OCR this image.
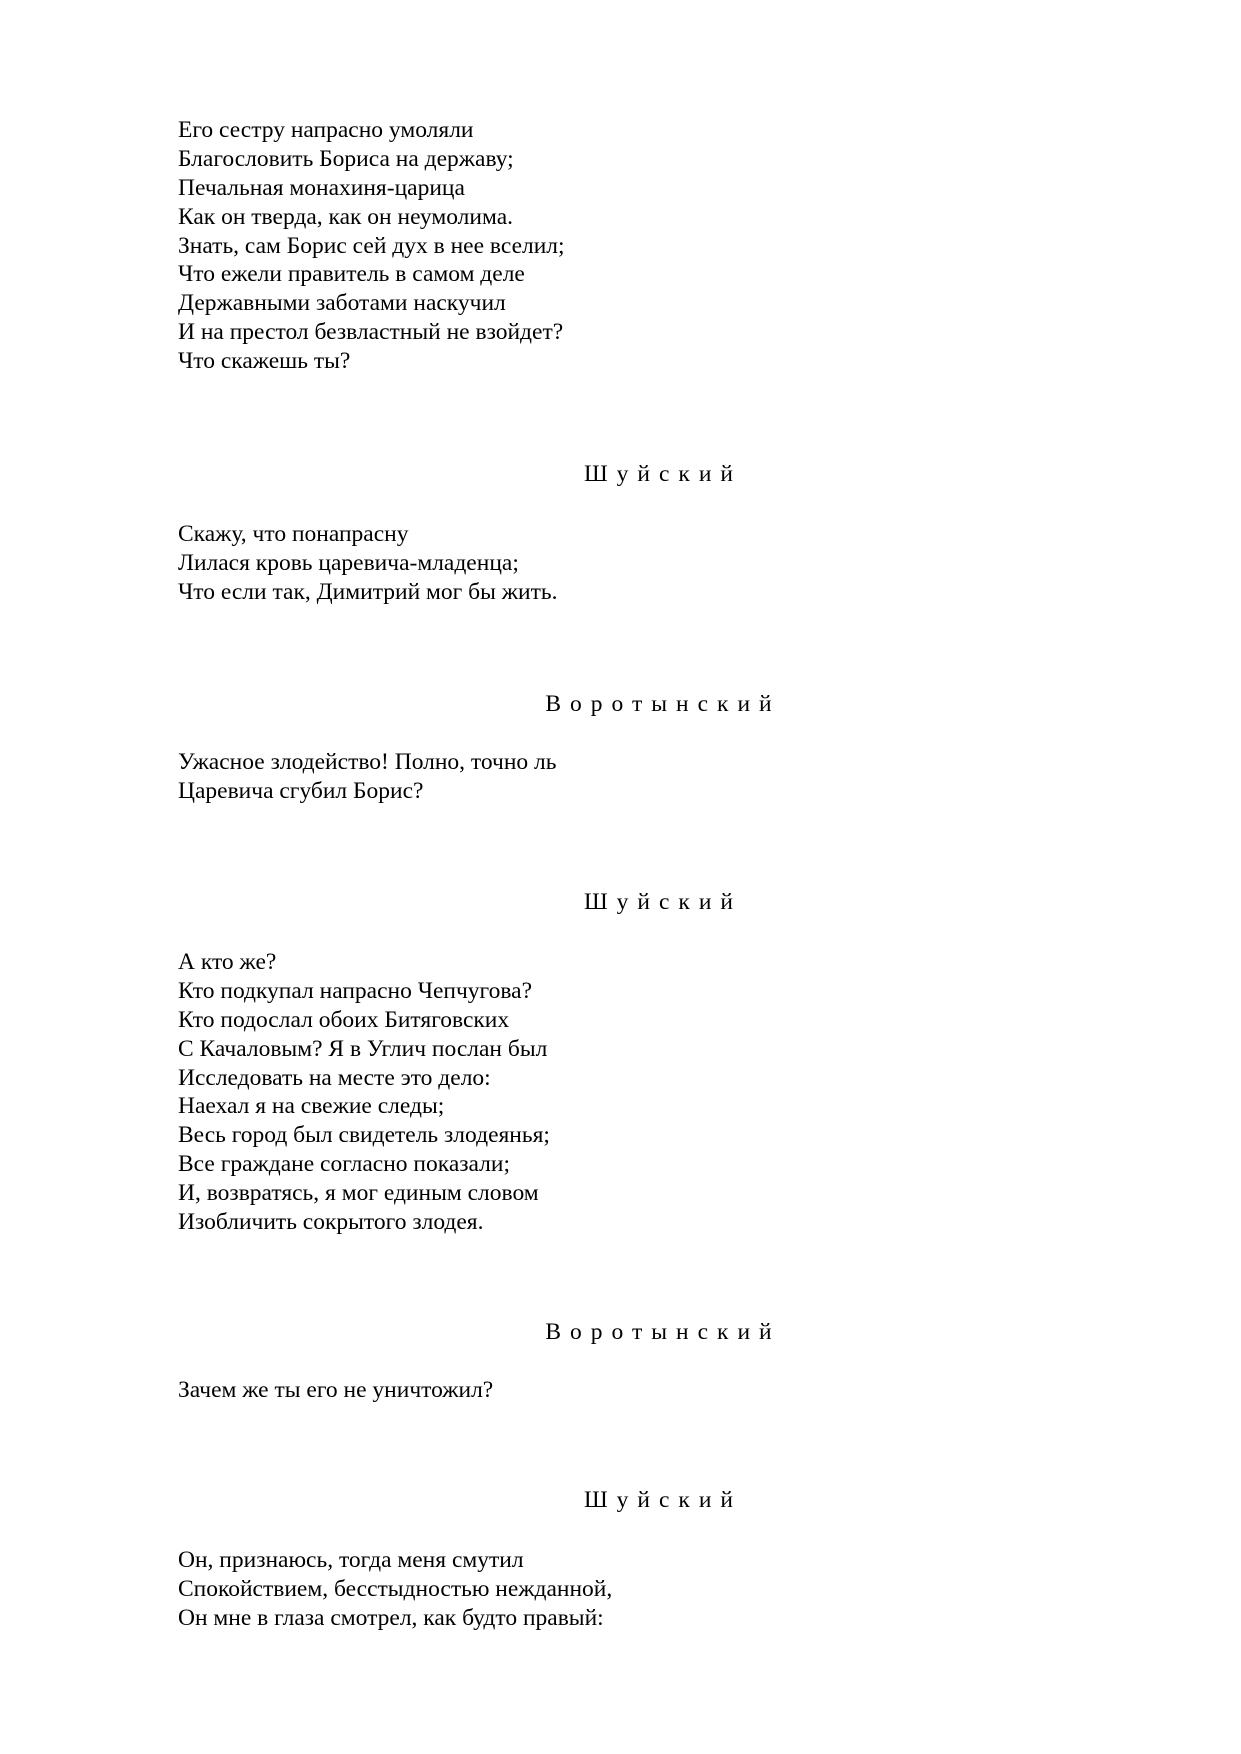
Его сестру напрасно умоляли
Благословить Бориса на державу;
Печальная монахиня-царица
Как он тверда, как он неумолима.
Знать, сам Борис сей дух в нее вселил;
Что ежели правитель в самом деле
Державными заботами наскучил
И на престол безвластный не взойдет?
Что скажешь ты?
Шуйский
Скажу, что понапрасну
Лилася кровь царевича-младенца;
Что если так, Димитрий мог бы жить.
Воротынский
Ужасное злодейство! Полно, точно ль
Царевича сгубил Борис?
Шуйский
А кто же?
Кто подкупал напрасно Чепчугова?
Кто подослал обоих Битяговских
С Качаловым? Я в Углич послан был
Исследовать на месте это дело:
Наехал я на свежие следы;
Весь город был свидетель злодеянья;
Все граждане согласно показали;
И, возвратясь, я мог единым словом
Изобличить сокрытого злодея.
Воротынский
Зачем же ты его не уничтожил?
Шуйский
Он, признаюсь, тогда меня смутил
Спокойствием, бесстыдностью нежданной,
Он мне в глаза смотрел, как будто правый:
